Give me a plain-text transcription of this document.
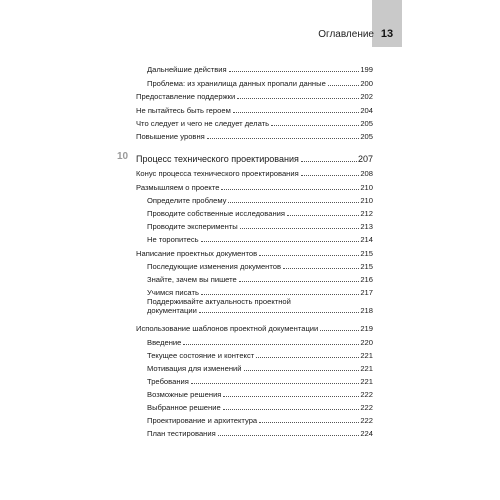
Оглавление 13
Дальнейшие действия	199
Проблема: из хранилища данных пропали данные	200
Предоставление поддержки	202
Не пытайтесь быть героем	204
Что следует и чего не следует делать	205
Повышение уровня	205
10 Процесс технического проектирования	207
Конус процесса технического проектирования	208
Размышляем о проекте	210
Определите проблему	210
Проводите собственные исследования	212
Проводите эксперименты	213
Не торопитесь	214
Написание проектных документов	215
Последующие изменения документов	215
Знайте, зачем вы пишете	216
Учимся писать	217
Поддерживайте актуальность проектной
документации	218
Использование шаблонов проектной документации	219
Введение	220
Текущее состояние и контекст	221
Мотивация для изменений	221
Требования	221
Возможные решения	222
Выбранное решение	222
Проектирование и архитектура	222
План тестирования	224
